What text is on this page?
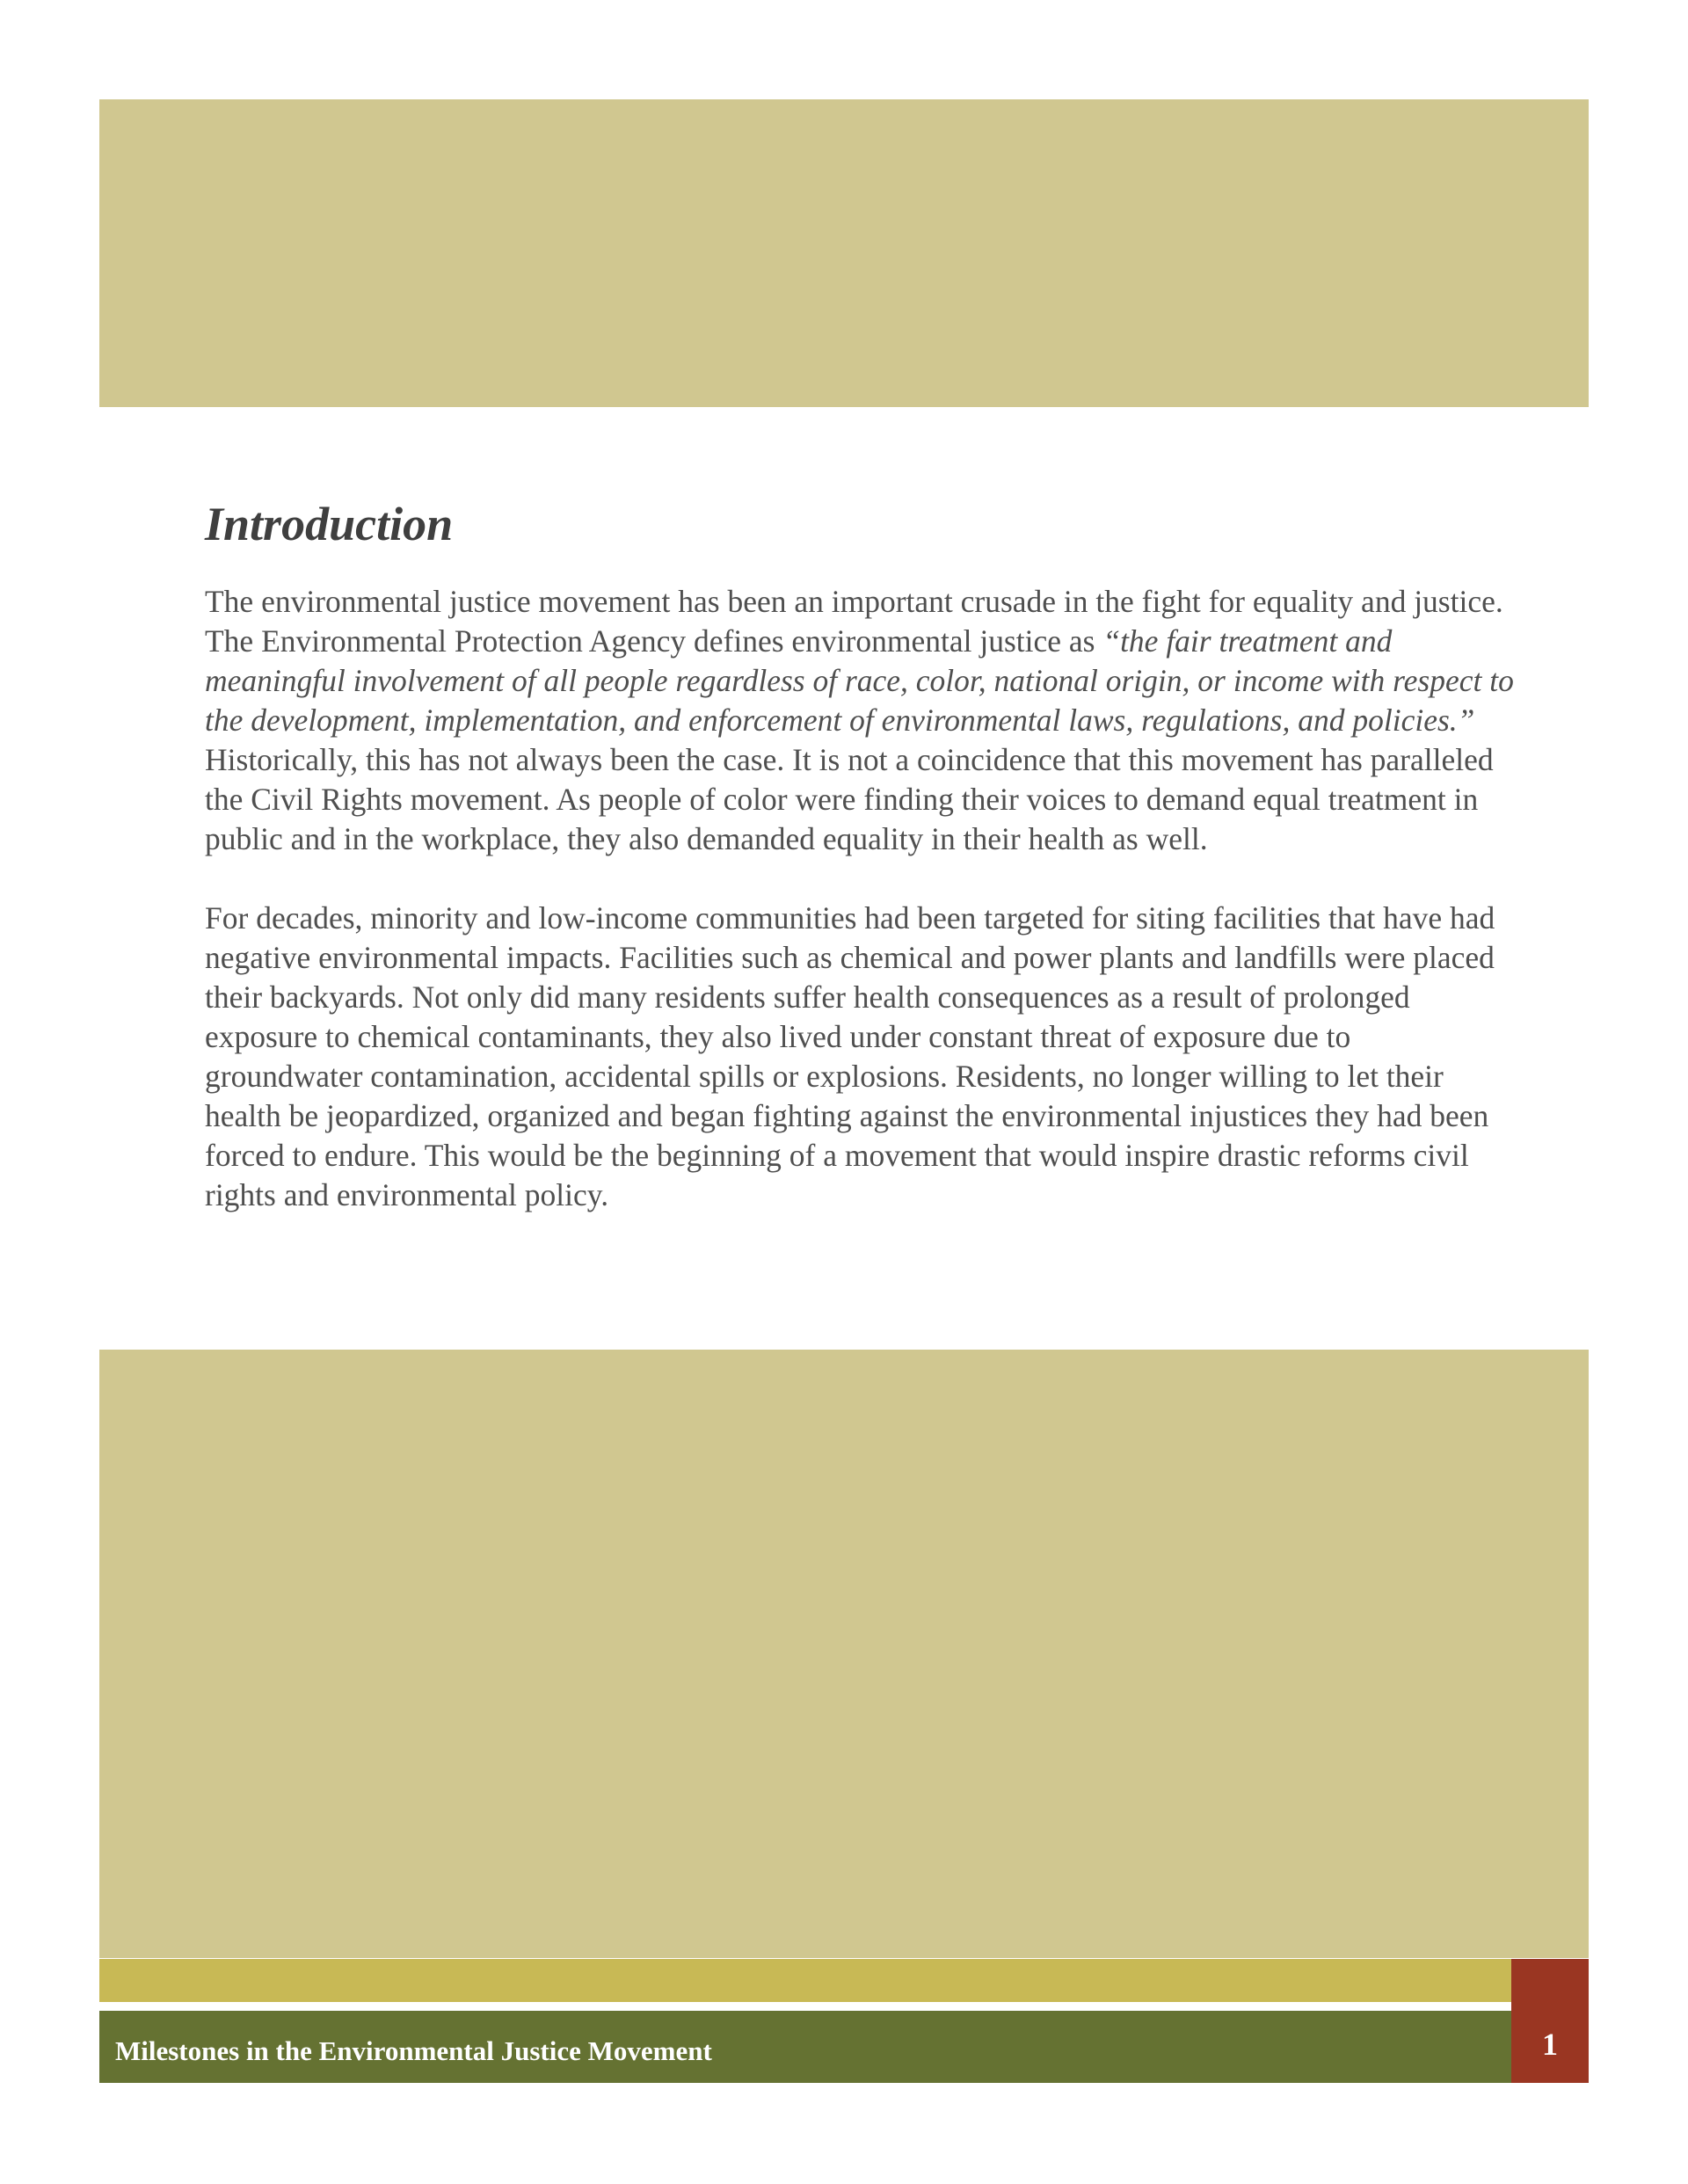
Introduction

The environmental justice movement has been an important crusade in the fight for equality and justice. The Environmental Protection Agency defines environmental justice as “the fair treatment and meaningful involvement of all people regardless of race, color, national origin, or income with respect to the development, implementation, and enforcement of environmental laws, regulations, and policies.” Historically, this has not always been the case. It is not a coincidence that this movement has paralleled the Civil Rights movement. As people of color were finding their voices to demand equal treatment in public and in the workplace, they also demanded equality in their health as well.

For decades, minority and low-income communities had been targeted for siting facilities that have had negative environmental impacts. Facilities such as chemical and power plants and landfills were placed their backyards. Not only did many residents suffer health consequences as a result of prolonged exposure to chemical contaminants, they also lived under constant threat of exposure due to groundwater contamination, accidental spills or explosions. Residents, no longer willing to let their health be jeopardized, organized and began fighting against the environmental injustices they had been forced to endure. This would be the beginning of a movement that would inspire drastic reforms civil rights and environmental policy.

Milestones in the Environmental Justice Movement	1
